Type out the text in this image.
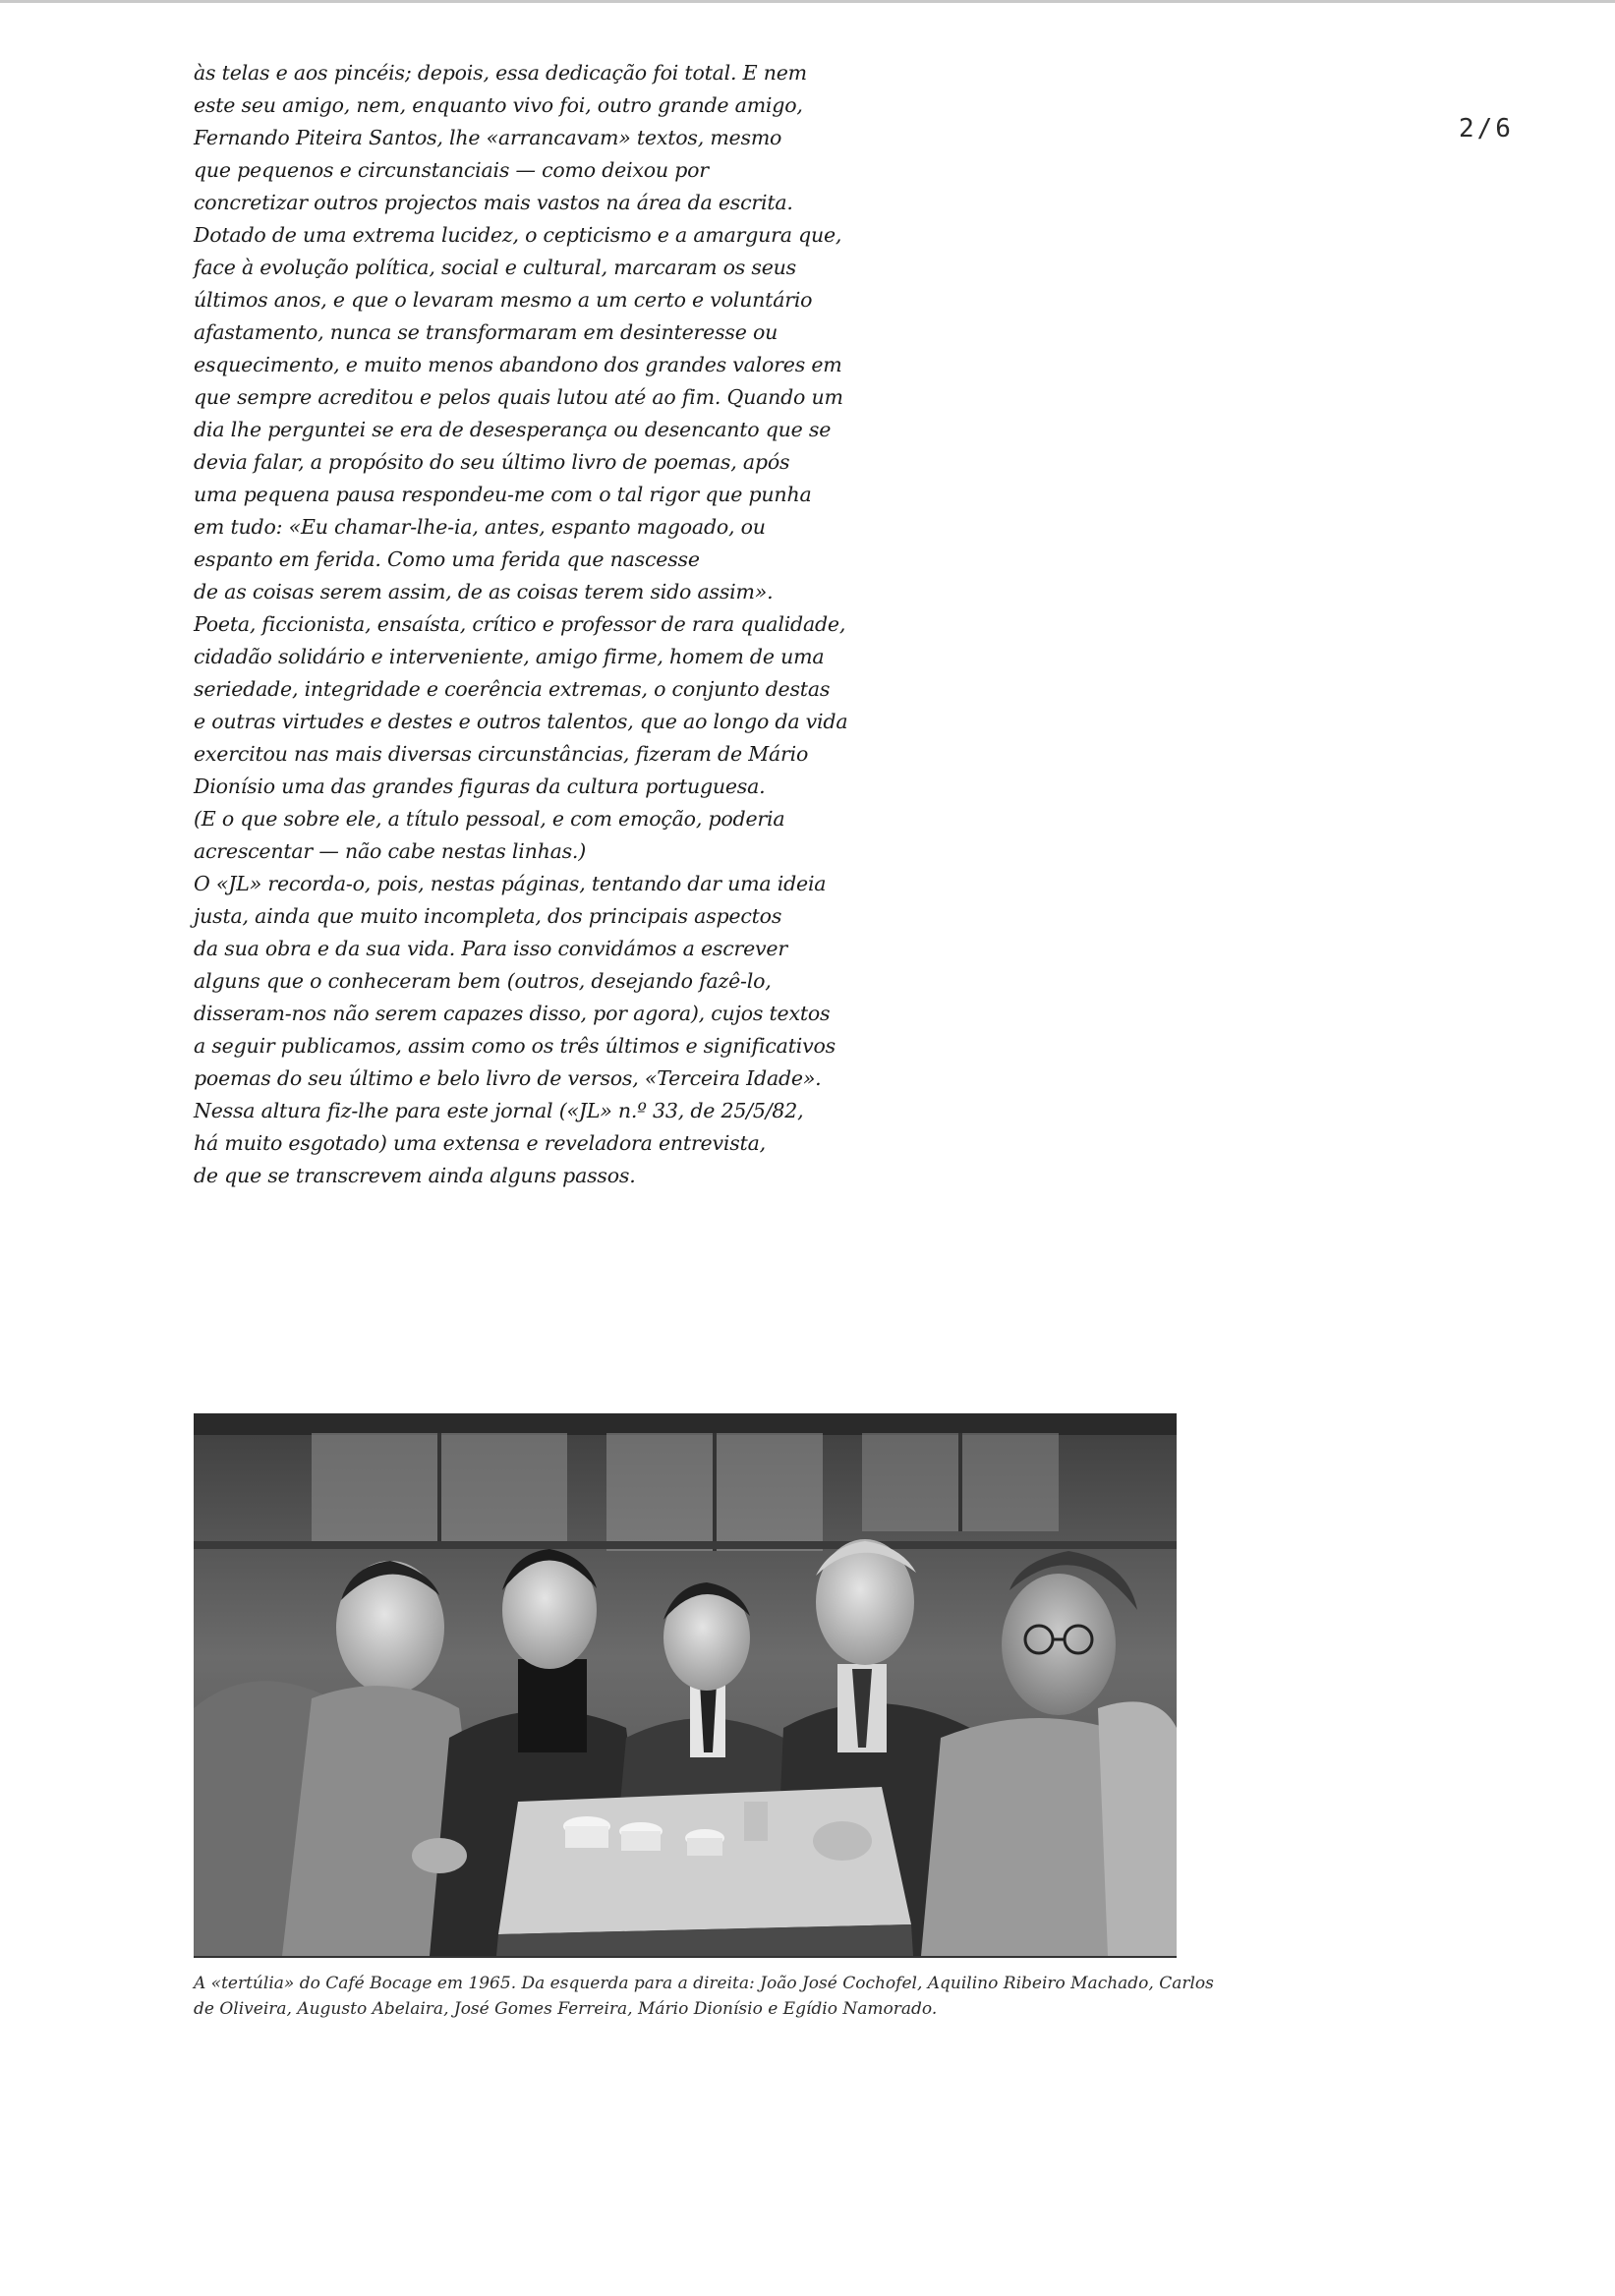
2/6
às telas e aos pincéis; depois, essa dedicação foi total. E nem
este seu amigo, nem, enquanto vivo foi, outro grande amigo,
Fernando Piteira Santos, lhe «arrancavam» textos, mesmo
que pequenos e circunstanciais — como deixou por
concretizar outros projectos mais vastos na área da escrita.
Dotado de uma extrema lucidez, o cepticismo e a amargura que,
face à evolução política, social e cultural, marcaram os seus
últimos anos, e que o levaram mesmo a um certo e voluntário
afastamento, nunca se transformaram em desinteresse ou
esquecimento, e muito menos abandono dos grandes valores em
que sempre acreditou e pelos quais lutou até ao fim. Quando um
dia lhe perguntei se era de desesperança ou desencanto que se
devia falar, a propósito do seu último livro de poemas, após
uma pequena pausa respondeu-me com o tal rigor que punha
em tudo: «Eu chamar-lhe-ia, antes, espanto magoado, ou
espanto em ferida. Como uma ferida que nascesse
de as coisas serem assim, de as coisas terem sido assim».
Poeta, ficcionista, ensaísta, crítico e professor de rara qualidade,
cidadão solidário e interveniente, amigo firme, homem de uma
seriedade, integridade e coerência extremas, o conjunto destas
e outras virtudes e destes e outros talentos, que ao longo da vida
exercitou nas mais diversas circunstâncias, fizeram de Mário
Dionísio uma das grandes figuras da cultura portuguesa.
(E o que sobre ele, a título pessoal, e com emoção, poderia
acrescentar — não cabe nestas linhas.)
O «JL» recorda-o, pois, nestas páginas, tentando dar uma ideia
justa, ainda que muito incompleta, dos principais aspectos
da sua obra e da sua vida. Para isso convidámos a escrever
alguns que o conheceram bem (outros, desejando fazê-lo,
disseram-nos não serem capazes disso, por agora), cujos textos
a seguir publicamos, assim como os três últimos e significativos
poemas do seu último e belo livro de versos, «Terceira Idade».
Nessa altura fiz-lhe para este jornal («JL» n.º 33, de 25/5/82,
há muito esgotado) uma extensa e reveladora entrevista,
de que se transcrevem ainda alguns passos.
A «tertúlia» do Café Bocage em 1965. Da esquerda para a direita: João José Cochofel, Aquilino Ribeiro Machado, Carlos
de Oliveira, Augusto Abelaira, José Gomes Ferreira, Mário Dionísio e Egídio Namorado.
